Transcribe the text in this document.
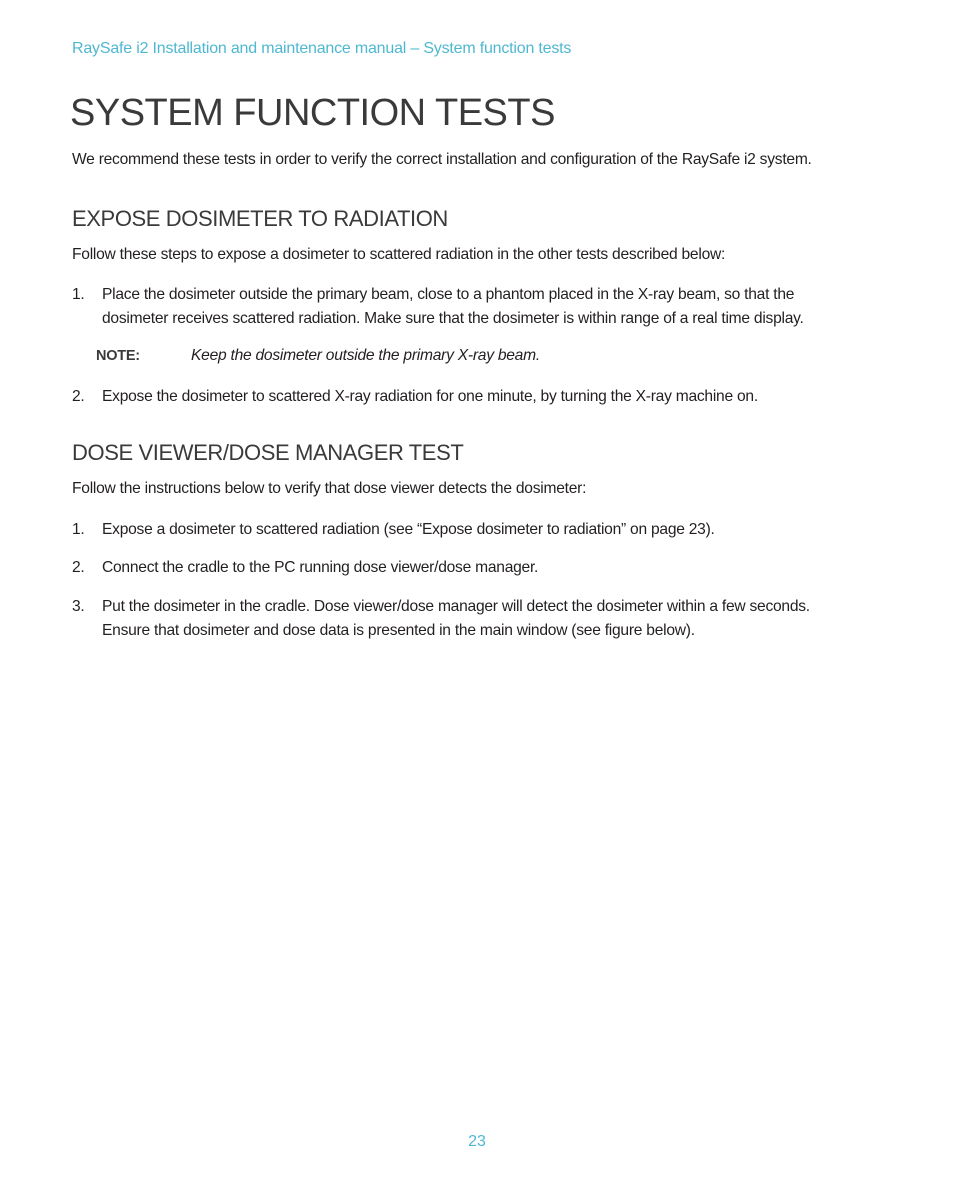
RaySafe i2 Installation and maintenance manual – System function tests
SYSTEM FUNCTION TESTS

We recommend these tests in order to verify the correct installation and configuration of the RaySafe i2 system.

EXPOSE DOSIMETER TO RADIATION

Follow these steps to expose a dosimeter to scattered radiation in the other tests described below:

1. Place the dosimeter outside the primary beam, close to a phantom placed in the X-ray beam, so that the
dosimeter receives scattered radiation. Make sure that the dosimeter is within range of a real time display.
NOTE:	Keep the dosimeter outside the primary X-ray beam.
2. Expose the dosimeter to scattered X-ray radiation for one minute, by turning the X-ray machine on.
DOSE VIEWER/DOSE MANAGER TEST

Follow the instructions below to verify that dose viewer detects the dosimeter:

1. Expose a dosimeter to scattered radiation (see “Expose dosimeter to radiation” on page 23).
2. Connect the cradle to the PC running dose viewer/dose manager.
3. Put the dosimeter in the cradle. Dose viewer/dose manager will detect the dosimeter within a few seconds.
Ensure that dosimeter and dose data is presented in the main window (see figure below).
23
